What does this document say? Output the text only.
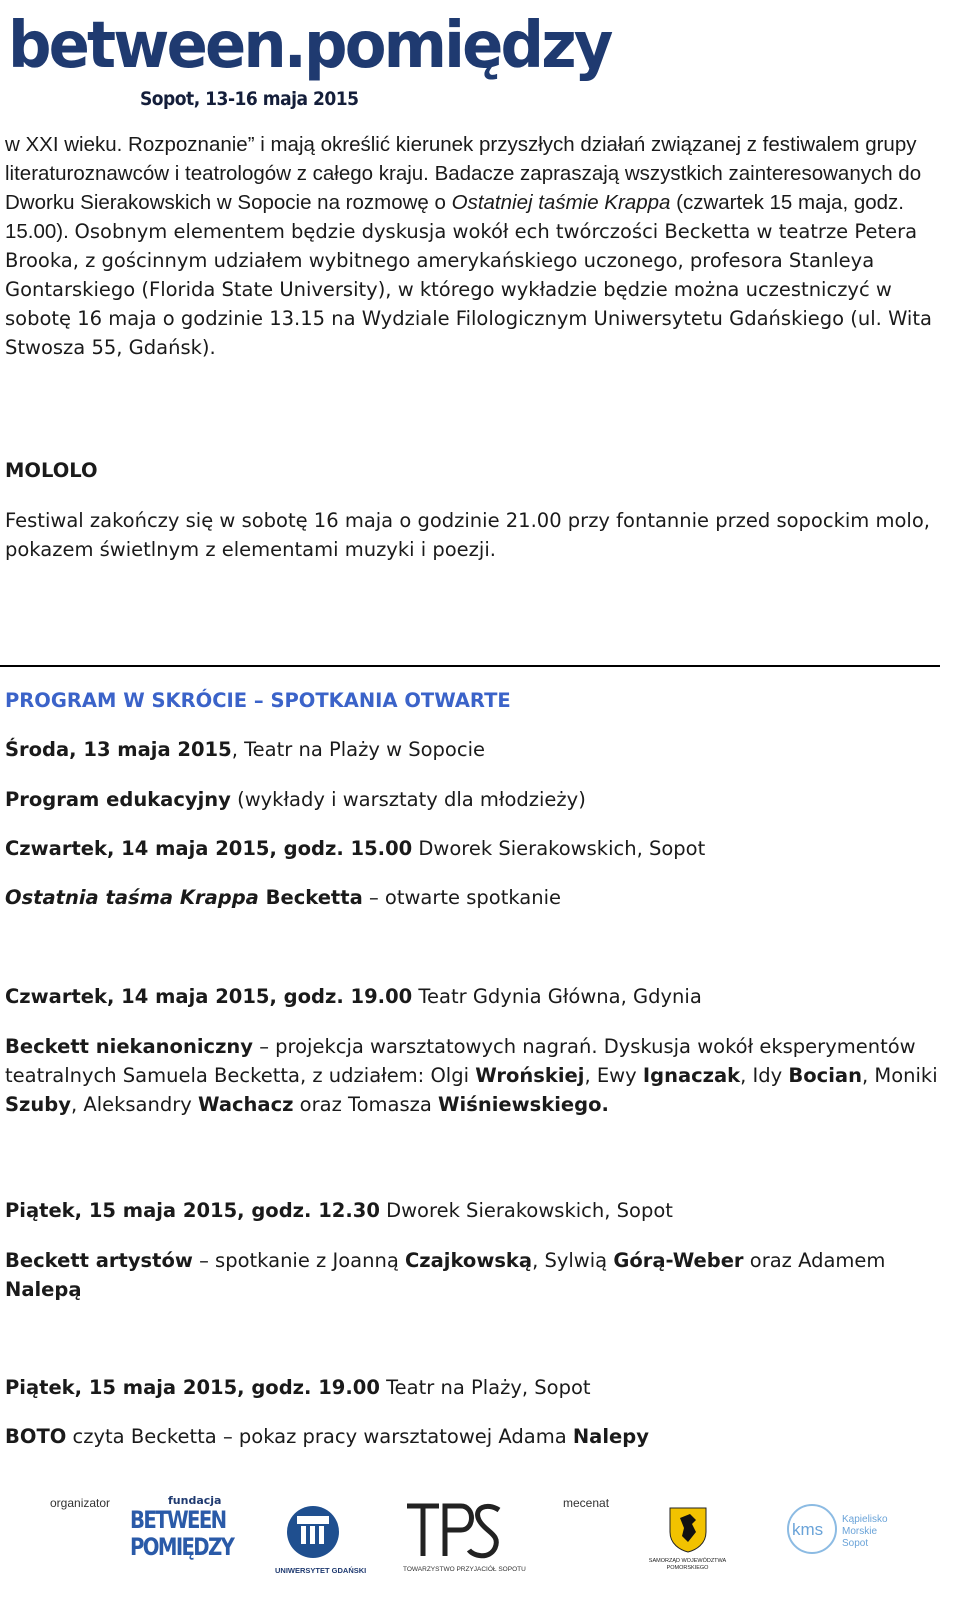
between.pomiędzy
Sopot, 13-16 maja 2015

w XXI wieku. Rozpoznanie” i mają określić kierunek przyszłych działań związanej z festiwalem grupy literaturoznawców i teatrologów z całego kraju. Badacze zapraszają wszystkich zainteresowanych do Dworku Sierakowskich w Sopocie na rozmowę o Ostatniej taśmie Krappa (czwartek 15 maja, godz. 15.00). Osobnym elementem będzie dyskusja wokół ech twórczości Becketta w teatrze Petera Brooka, z gościnnym udziałem wybitnego amerykańskiego uczonego, profesora Stanleya Gontarskiego (Florida State University), w którego wykładzie będzie można uczestniczyć w sobotę 16 maja o godzinie 13.15 na Wydziale Filologicznym Uniwersytetu Gdańskiego (ul. Wita Stwosza 55, Gdańsk).

MOLOLO

Festiwal zakończy się w sobotę 16 maja o godzinie 21.00 przy fontannie przed sopockim molo, pokazem świetlnym z elementami muzyki i poezji.

PROGRAM W SKRÓCIE – SPOTKANIA OTWARTE

Środa, 13 maja 2015, Teatr na Plaży w Sopocie

Program edukacyjny (wykłady i warsztaty dla młodzieży)

Czwartek, 14 maja 2015, godz. 15.00 Dworek Sierakowskich, Sopot

Ostatnia taśma Krappa Becketta – otwarte spotkanie

Czwartek, 14 maja 2015, godz. 19.00 Teatr Gdynia Główna, Gdynia

Beckett niekanoniczny – projekcja warsztatowych nagrań. Dyskusja wokół eksperymentów teatralnych Samuela Becketta, z udziałem: Olgi Wrońskiej, Ewy Ignaczak, Idy Bocian, Moniki Szuby, Aleksandry Wachacz oraz Tomasza Wiśniewskiego.

Piątek, 15 maja 2015, godz. 12.30 Dworek Sierakowskich, Sopot

Beckett artystów – spotkanie z Joanną Czajkowską, Sylwią Górą-Weber oraz Adamem Nalepą

Piątek, 15 maja 2015, godz. 19.00 Teatr na Plaży, Sopot

BOTO czyta Becketta – pokaz pracy warsztatowej Adama Nalepy

organizator	fundacja
BETWEEN
POMIĘDZY
UNIWERSYTET GDAŃSKI	TOWARZYSTWO PRZYJACIÓŁ SOPOTU
mecenat
SAMORZĄD WOJEWÓDZTWA POMORSKIEGO
kms
Kąpielisko
Morskie
Sopot
